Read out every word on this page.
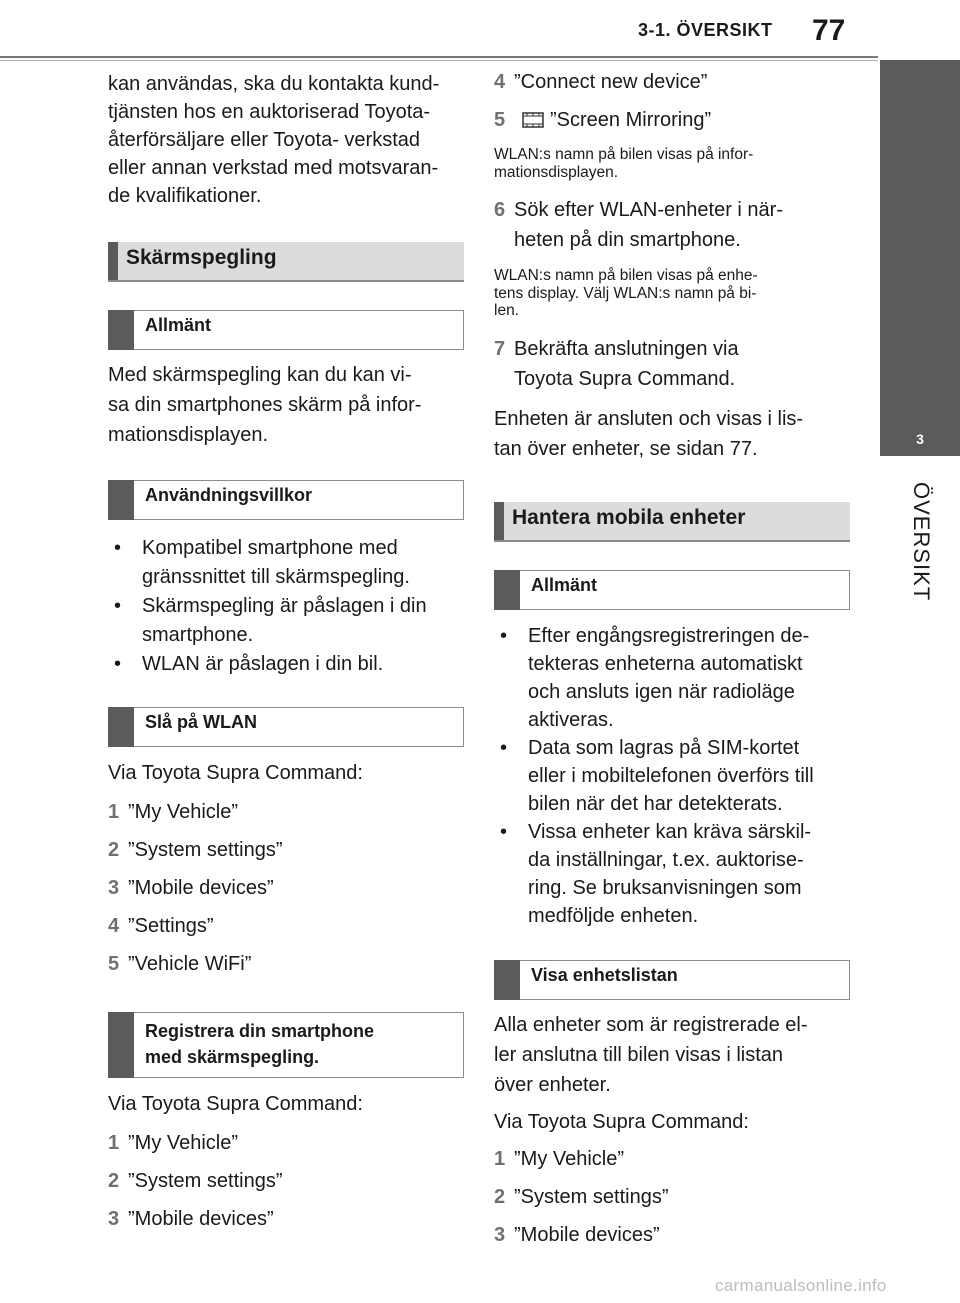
3-1. ÖVERSIKT 77
3
ÖVERSIKT
kan användas, ska du kontakta kund-
tjänsten hos en auktoriserad Toyota-
återförsäljare eller Toyota- verkstad
eller annan verkstad med motsvaran-
de kvalifikationer.
Skärmspegling
Allmänt
Med skärmspegling kan du kan vi-
sa din smartphones skärm på infor-
mationsdisplayen.
Användningsvillkor
• Kompatibel smartphone med
gränssnittet till skärmspegling.
• Skärmspegling är påslagen i din
smartphone.
• WLAN är påslagen i din bil.
Slå på WLAN

Via Toyota Supra Command:

1 ”My Vehicle”
2 ”System settings”
3 ”Mobile devices”
4 ”Settings”
5 ”Vehicle WiFi”
Registrera din smartphone
med skärmspegling.

Via Toyota Supra Command:

1 ”My Vehicle”
2 ”System settings”
3 ”Mobile devices”
4 ”Connect new device”
5	”Screen Mirroring”
WLAN:s namn på bilen visas på infor-
mationsdisplayen.
6 Sök efter WLAN-enheter i när-
heten på din smartphone.
WLAN:s namn på bilen visas på enhe-
tens display. Välj WLAN:s namn på bi-
len.
7 Bekräfta anslutningen via
Toyota Supra Command.
Enheten är ansluten och visas i lis-
tan över enheter, se sidan 77.
Hantera mobila enheter
Allmänt
• Efter engångsregistreringen de-
tekteras enheterna automatiskt
och ansluts igen när radioläge
aktiveras.
• Data som lagras på SIM-kortet
eller i mobiltelefonen överförs till
bilen när det har detekterats.
• Vissa enheter kan kräva särskil-
da inställningar, t.ex. auktorise-
ring. Se bruksanvisningen som
medföljde enheten.
Visa enhetslistan
Alla enheter som är registrerade el-
ler anslutna till bilen visas i listan
över enheter.

Via Toyota Supra Command:

1 ”My Vehicle”
2 ”System settings”
3 ”Mobile devices”
carmanualsonline.info
